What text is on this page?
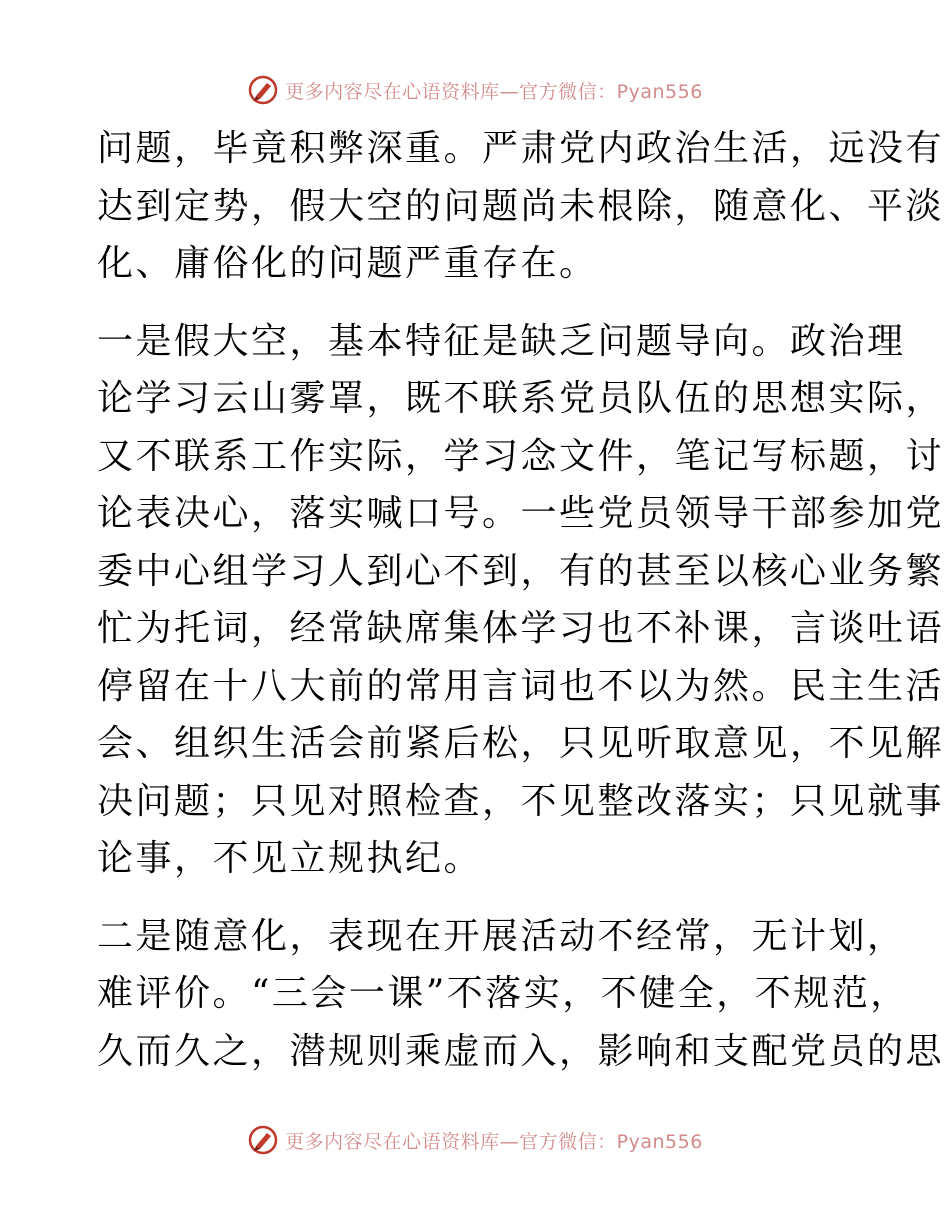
更多内容尽在心语资料库—官方微信：Pyan556

问题，毕竟积弊深重。严肃党内政治生活，远没有
达到定势，假大空的问题尚未根除，随意化、平淡
化、庸俗化的问题严重存在。

一是假大空，基本特征是缺乏问题导向。政治理
论学习云山雾罩，既不联系党员队伍的思想实际，
又不联系工作实际，学习念文件，笔记写标题，讨
论表决心，落实喊口号。一些党员领导干部参加党
委中心组学习人到心不到，有的甚至以核心业务繁
忙为托词，经常缺席集体学习也不补课，言谈吐语
停留在十八大前的常用言词也不以为然。民主生活
会、组织生活会前紧后松，只见听取意见，不见解
决问题；只见对照检查，不见整改落实；只见就事
论事，不见立规执纪。

二是随意化，表现在开展活动不经常，无计划，
难评价。“三会一课”不落实，不健全，不规范，
久而久之，潜规则乘虚而入，影响和支配党员的思

更多内容尽在心语资料库—官方微信：Pyan556
